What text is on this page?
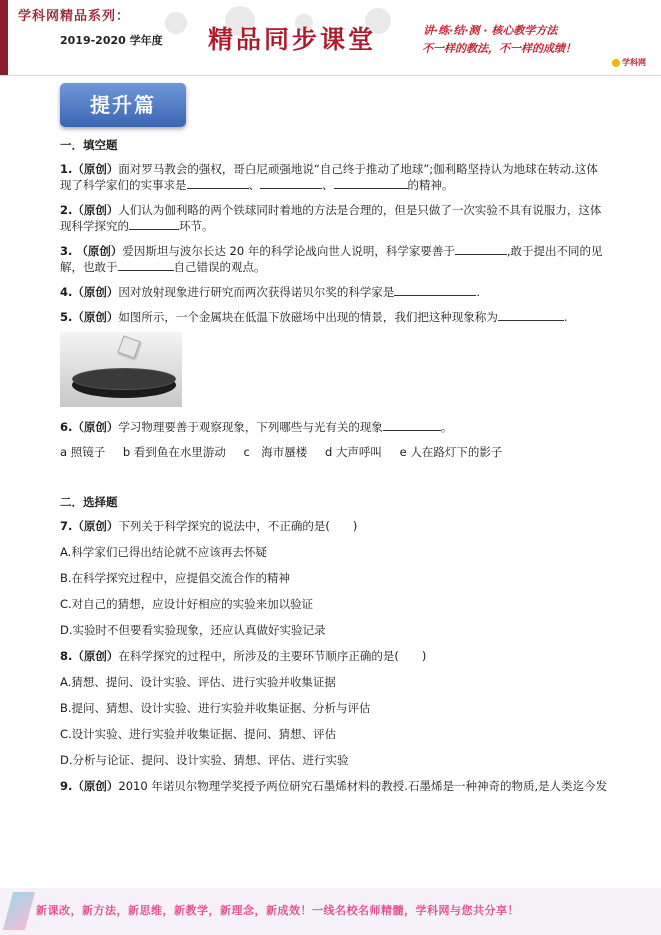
学科网精品系列：
2019-2020 学年度 精品同步课堂	讲·练·结·测 · 核心教学方法
不一样的教法，不一样的成绩！
学科网
提升篇
一．填空题
1.（原创）面对罗马教会的强权，哥白尼顽强地说“自己终于推动了地球”;伽利略坚持认为地球在转动.这体
现了科学家们的实事求是	、	、	的精神。
2.（原创）人们认为伽利略的两个铁球同时着地的方法是合理的，但是只做了一次实验不具有说服力，这体
现科学探究的	环节。
3. （原创）爱因斯坦与波尔长达 20 年的科学论战向世人说明，科学家要善于	,敢于提出不同的见
解，也敢于	自己错误的观点。
4.（原创）因对放射现象进行研究而两次获得诺贝尔奖的科学家是	.
5.（原创）如图所示，一个金属块在低温下放磁场中出现的情景，我们把这种现象称为	.
6.（原创）学习物理要善于观察现象，下列哪些与光有关的现象	。
a 照镜子 b 看到鱼在水里游动 c　海市蜃楼 d 大声呼叫 e 人在路灯下的影子
二．选择题
7.（原创）下列关于科学探究的说法中，不正确的是(　　)
A.科学家们已得出结论就不应该再去怀疑
B.在科学探究过程中，应提倡交流合作的精神
C.对自己的猜想，应设计好相应的实验来加以验证
D.实验时不但要看实验现象，还应认真做好实验记录
8.（原创）在科学探究的过程中，所涉及的主要环节顺序正确的是(　　)
A.猜想、提问、设计实验、评估、进行实验并收集证据
B.提问、猜想、设计实验、进行实验并收集证据、分析与评估
C.设计实验、进行实验并收集证据、提问、猜想、评估
D.分析与论证、提问、设计实验、猜想、评估、进行实验
9.（原创）2010 年诺贝尔物理学奖授予两位研究石墨烯材料的教授.石墨烯是一种神奇的物质,是人类迄今发
新课改，新方法，新思维，新教学，新理念，新成效！一线名校名师精髓，学科网与您共分享！
